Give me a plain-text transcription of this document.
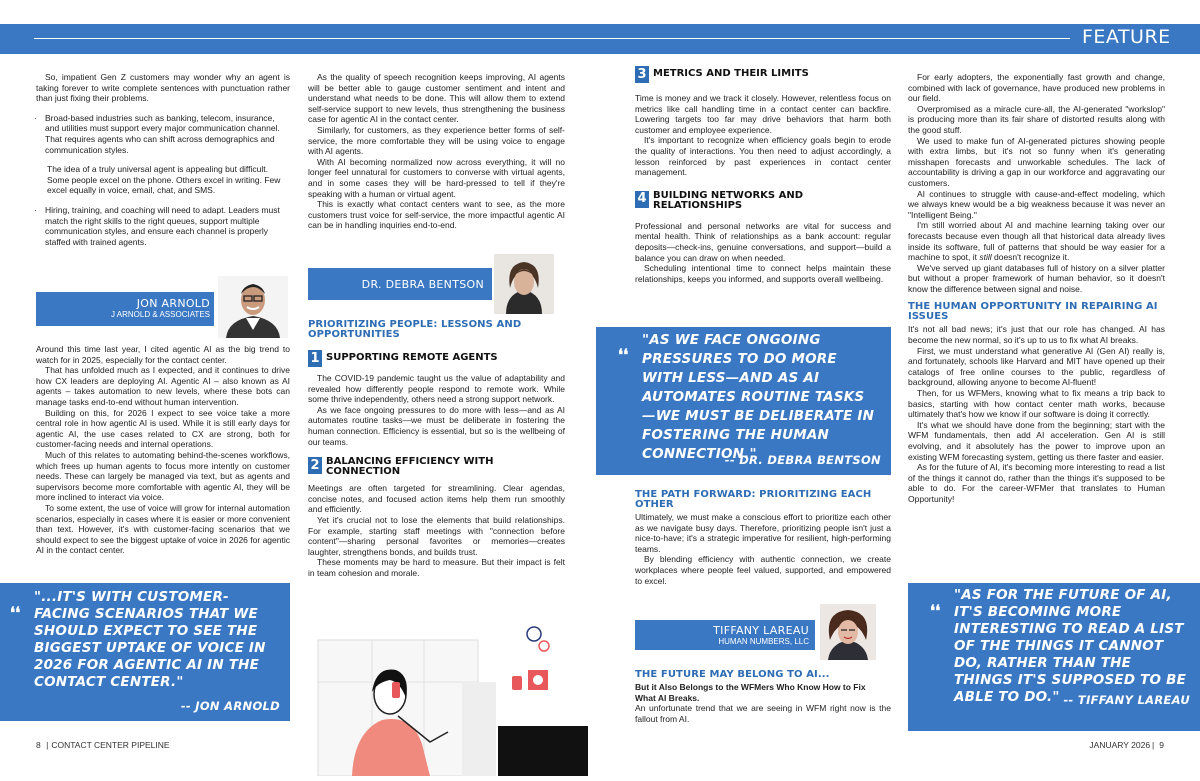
FEATURE

So, impatient Gen Z customers may wonder why an agent is taking forever to write complete sentences with punctuation rather than just fixing their problems.

· Broad-based industries such as banking, telecom, insurance, and utilities must support every major communication channel. That requires agents who can shift across demographics and communication styles.

The idea of a truly universal agent is appealing but difficult. Some people excel on the phone. Others excel in writing. Few excel equally in voice, email, chat, and SMS.

· Hiring, training, and coaching will need to adapt. Leaders must match the right skills to the right queues, support multiple communication styles, and ensure each channel is properly staffed with trained agents.
JON ARNOLD
J ARNOLD & ASSOCIATES

Around this time last year, I cited agentic AI as the big trend to watch for in 2025, especially for the contact center.

That has unfolded much as I expected, and it continues to drive how CX leaders are deploying AI. Agentic AI – also known as AI agents – takes automation to new levels, where these bots can manage tasks end-to-end without human intervention.

Building on this, for 2026 I expect to see voice take a more central role in how agentic AI is used. While it is still early days for agentic AI, the use cases related to CX are strong, both for customer-facing needs and internal operations.

Much of this relates to automating behind-the-scenes workflows, which frees up human agents to focus more intently on customer needs. These can largely be managed via text, but as agents and supervisors become more comfortable with agentic AI, they will be more inclined to interact via voice.

To some extent, the use of voice will grow for internal automation scenarios, especially in cases where it is easier or more convenient than text. However, it's with customer-facing scenarios that we should expect to see the biggest uptake of voice in 2026 for agentic AI in the contact center.

❛❛
"...IT'S WITH CUSTOMER-FACING SCENARIOS THAT WE SHOULD EXPECT TO SEE THE BIGGEST UPTAKE OF VOICE IN 2026 FOR AGENTIC AI IN THE CONTACT CENTER."
-- JON ARNOLD

As the quality of speech recognition keeps improving, AI agents will be better able to gauge customer sentiment and intent and understand what needs to be done. This will allow them to extend self-service support to new levels, thus strengthening the business case for agentic AI in the contact center.

Similarly, for customers, as they experience better forms of self-service, the more comfortable they will be using voice to engage with AI agents.

With AI becoming normalized now across everything, it will no longer feel unnatural for customers to converse with virtual agents, and in some cases they will be hard-pressed to tell if they're speaking with a human or virtual agent.

This is exactly what contact centers want to see, as the more customers trust voice for self-service, the more impactful agentic AI can be in handling inquiries end-to-end.

DR. DEBRA BENTSON
PRIORITIZING PEOPLE: LESSONS AND OPPORTUNITIES
1 SUPPORTING REMOTE AGENTS

The COVID-19 pandemic taught us the value of adaptability and revealed how differently people respond to remote work. While some thrive independently, others need a strong support network.

As we face ongoing pressures to do more with less—and as AI automates routine tasks—we must be deliberate in fostering the human connection. Efficiency is essential, but so is the wellbeing of our teams.

2 BALANCING EFFICIENCY WITH CONNECTION

Meetings are often targeted for streamlining. Clear agendas, concise notes, and focused action items help them run smoothly and efficiently.

Yet it's crucial not to lose the elements that build relationships. For example, starting staff meetings with "connection before content"—sharing personal favorites or memories—creates laughter, strengthens bonds, and builds trust.

These moments may be hard to measure. But their impact is felt in team cohesion and morale.

3 METRICS AND THEIR LIMITS

Time is money and we track it closely. However, relentless focus on metrics like call handling time in a contact center can backfire. Lowering targets too far may drive behaviors that harm both customer and employee experience.

It's important to recognize when efficiency goals begin to erode the quality of interactions. You then need to adjust accordingly, a lesson reinforced by past experiences in contact center management.

4 BUILDING NETWORKS AND RELATIONSHIPS

Professional and personal networks are vital for success and mental health. Think of relationships as a bank account: regular deposits—check-ins, genuine conversations, and support—build a balance you can draw on when needed.

Scheduling intentional time to connect helps maintain these relationships, keeps you informed, and supports overall wellbeing.

❛❛
"AS WE FACE ONGOING PRESSURES TO DO MORE WITH LESS—AND AS AI AUTOMATES ROUTINE TASKS—WE MUST BE DELIBERATE IN FOSTERING THE HUMAN CONNECTION."
-- DR. DEBRA BENTSON
THE PATH FORWARD: PRIORITIZING EACH OTHER

Ultimately, we must make a conscious effort to prioritize each other as we navigate busy days. Therefore, prioritizing people isn't just a nice-to-have; it's a strategic imperative for resilient, high-performing teams.

By blending efficiency with authentic connection, we create workplaces where people feel valued, supported, and empowered to excel.

TIFFANY LAREAU
HUMAN NUMBERS, LLC
THE FUTURE MAY BELONG TO AI...

But it Also Belongs to the WFMers Who Know How to Fix What AI Breaks.

An unfortunate trend that we are seeing in WFM right now is the fallout from AI.

For early adopters, the exponentially fast growth and change, combined with lack of governance, have produced new problems in our field.

Overpromised as a miracle cure-all, the AI-generated "workslop" is producing more than its fair share of distorted results along with the good stuff.

We used to make fun of AI-generated pictures showing people with extra limbs, but it's not so funny when it's generating misshapen forecasts and unworkable schedules. The lack of accountability is driving a gap in our workforce and aggravating our customers.

AI continues to struggle with cause-and-effect modeling, which we always knew would be a big weakness because it was never an "Intelligent Being."

I'm still worried about AI and machine learning taking over our forecasts because even though all that historical data already lives inside its software, full of patterns that should be way easier for a machine to spot, it still doesn't recognize it.

We've served up giant databases full of history on a silver platter but without a proper framework of human behavior, so it doesn't know the difference between signal and noise.

THE HUMAN OPPORTUNITY IN REPAIRING AI ISSUES

It's not all bad news; it's just that our role has changed. AI has become the new normal, so it's up to us to fix what AI breaks.

First, we must understand what generative AI (Gen AI) really is, and fortunately, schools like Harvard and MIT have opened up their catalogs of free online courses to the public, regardless of background, allowing anyone to become AI-fluent!

Then, for us WFMers, knowing what to fix means a trip back to basics, starting with how contact center math works, because ultimately that's how we know if our software is doing it correctly.

It's what we should have done from the beginning; start with the WFM fundamentals, then add AI acceleration. Gen AI is still evolving, and it absolutely has the power to improve upon an existing WFM forecasting system, getting us there faster and easier.

As for the future of AI, it's becoming more interesting to read a list of the things it cannot do, rather than the things it's supposed to be able to do. For the career-WFMer that translates to Human Opportunity!

❛❛
"AS FOR THE FUTURE OF AI, IT'S BECOMING MORE INTERESTING TO READ A LIST OF THE THINGS IT CANNOT DO, RATHER THAN THE THINGS IT'S SUPPOSED TO BE ABLE TO DO." -- TIFFANY LAREAU
8 | CONTACT CENTER PIPELINE	JANUARY 2026 | 9
